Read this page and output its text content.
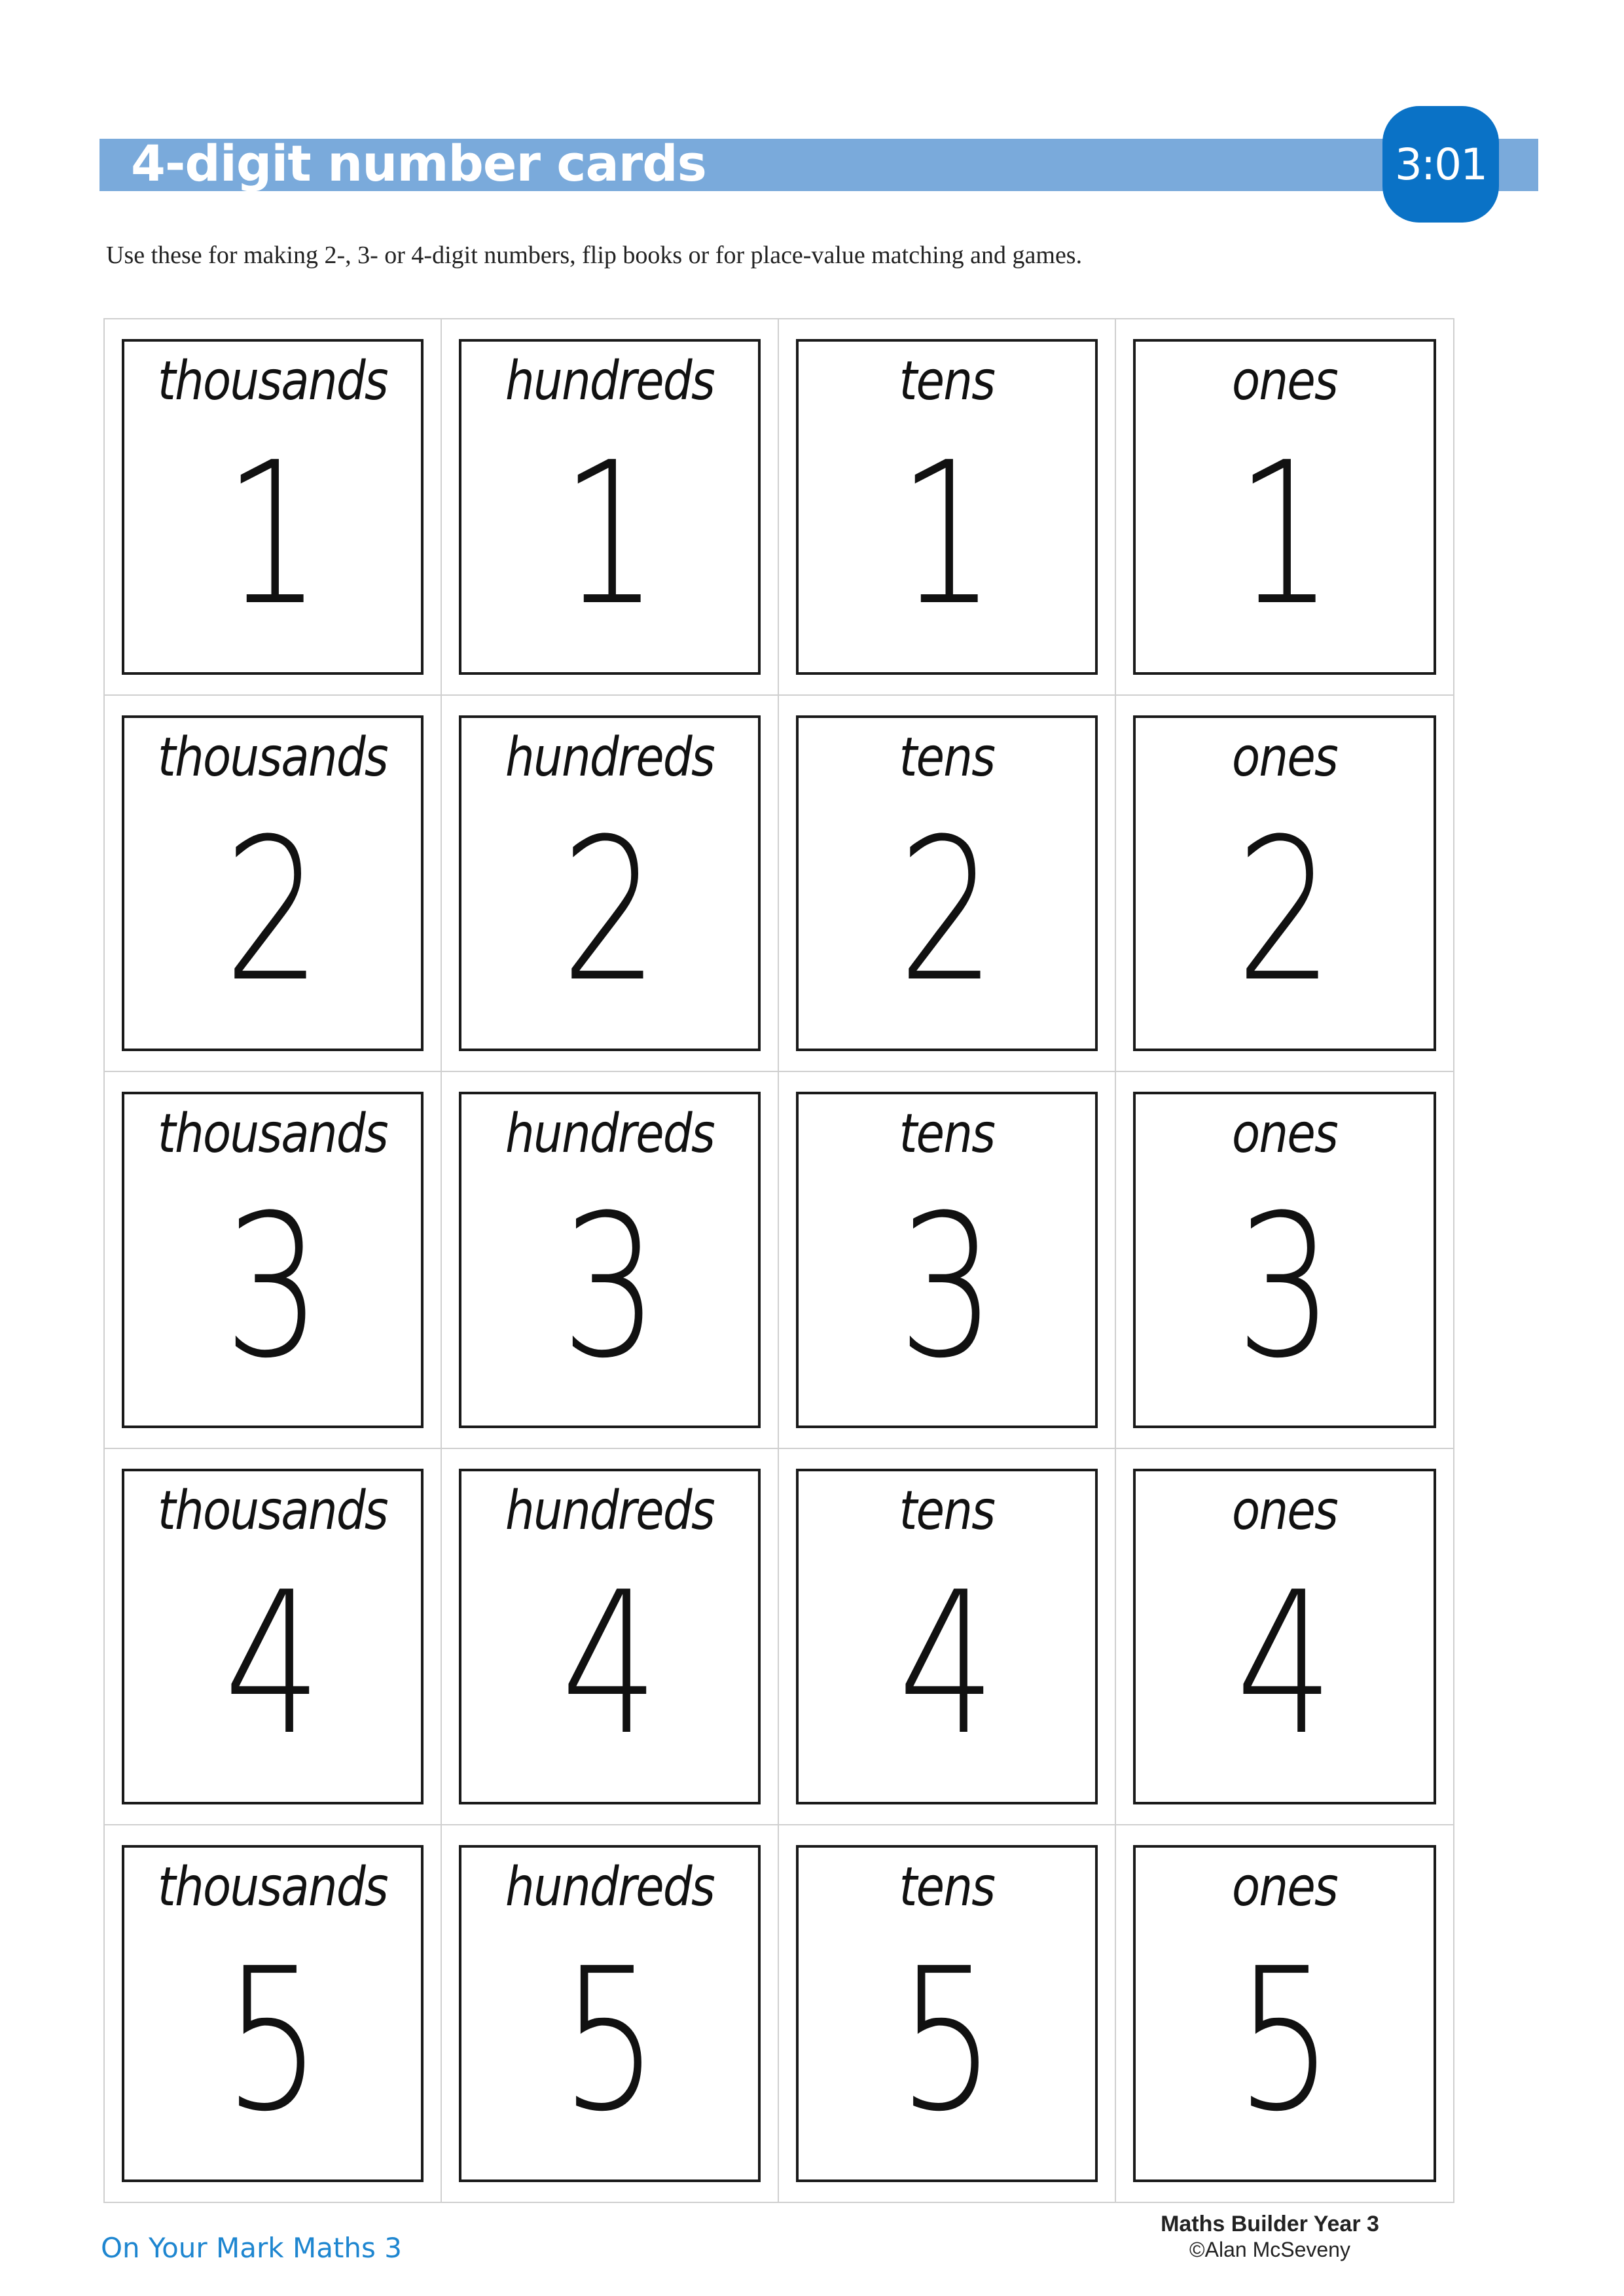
4-digit number cards	3:01
Use these for making 2-, 3- or 4-digit numbers, flip books or for place-value matching and games.
thousands
1
hundreds
1
tens
1
ones
1
thousands
2
hundreds
2
tens
2
ones
2
thousands
3
hundreds
3
tens
3
ones
3
thousands
4
hundreds
4
tens
4
ones
4
thousands
5
hundreds
5
tens
5
ones
5
On Your Mark Maths 3
Maths Builder Year 3
©Alan McSeveny
